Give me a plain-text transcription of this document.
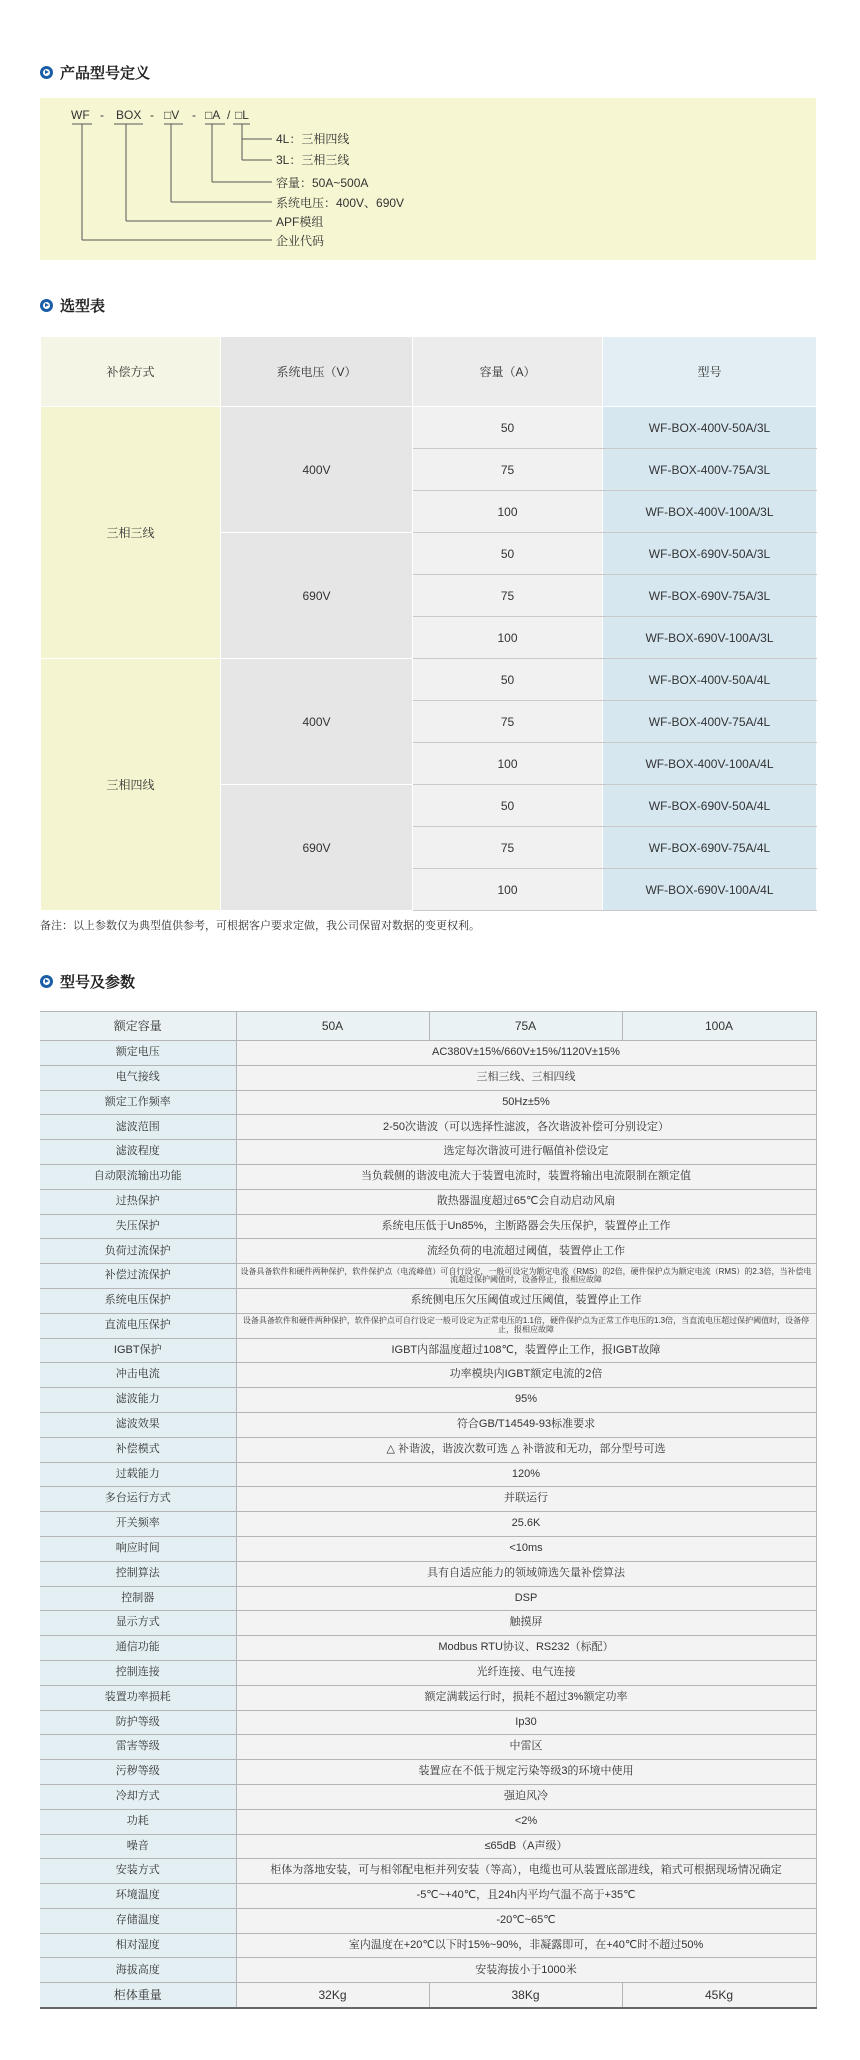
产品型号定义
WF - BOX - □V - □A / □L
4L：三相四线
3L：三相三线
容量：50A~500A
系统电压：400V、690V
APF模组
企业代码
选型表
补偿方式	系统电压（V）	容量（A）	型号
三相三线	400V	50	WF-BOX-400V-50A/3L
		75	WF-BOX-400V-75A/3L
		100	WF-BOX-400V-100A/3L
	690V	50	WF-BOX-690V-50A/3L
		75	WF-BOX-690V-75A/3L
		100	WF-BOX-690V-100A/3L
三相四线	400V	50	WF-BOX-400V-50A/4L
		75	WF-BOX-400V-75A/4L
		100	WF-BOX-400V-100A/4L
	690V	50	WF-BOX-690V-50A/4L
		75	WF-BOX-690V-75A/4L
		100	WF-BOX-690V-100A/4L
备注：以上参数仅为典型值供参考，可根据客户要求定做，我公司保留对数据的变更权利。
型号及参数
额定容量	50A	75A	100A
额定电压	AC380V±15%/660V±15%/1120V±15%		
电气接线	三相三线、三相四线		
额定工作频率	50Hz±5%		
滤波范围	2-50次谐波（可以选择性滤波，各次谐波补偿可分别设定）		
滤波程度	选定每次谐波可进行幅值补偿设定		
自动限流输出功能	当负载侧的谐波电流大于装置电流时，装置将输出电流限制在额定值		
过热保护	散热器温度超过65℃会自动启动风扇		
失压保护	系统电压低于Un85%，主断路器会失压保护，装置停止工作		
负荷过流保护	流经负荷的电流超过阈值，装置停止工作		
补偿过流保护	设备具备软件和硬件两种保护，软件保护点（电流峰值）可自行设定，一般可设定为额定电流（RMS）的2倍，硬件保护点为额定电流（RMS）的2.3倍，当补偿电流超过保护阈值时，设备停止，报相应故障		
系统电压保护	系统侧电压欠压阈值或过压阈值，装置停止工作		
直流电压保护	设备具备软件和硬件两种保护，软件保护点可自行设定一般可设定为正常电压的1.1倍，硬件保护点为正常工作电压的1.3倍，当直流电压超过保护阈值时，设备停止，报相应故障		
IGBT保护	IGBT内部温度超过108℃，装置停止工作，报IGBT故障		
冲击电流	功率模块内IGBT额定电流的2倍		
滤波能力	95%		
滤波效果	符合GB/T14549-93标准要求		
补偿模式	△ 补谐波，谐波次数可选 △ 补谐波和无功，部分型号可选		
过载能力	120%		
多台运行方式	并联运行		
开关频率	25.6K		
响应时间	<10ms		
控制算法	具有自适应能力的领域筛选矢量补偿算法		
控制器	DSP		
显示方式	触摸屏		
通信功能	Modbus RTU协议、RS232（标配）		
控制连接	光纤连接、电气连接		
装置功率损耗	额定满载运行时，损耗不超过3%额定功率		
防护等级	Ip30		
雷害等级	中雷区		
污秽等级	装置应在不低于规定污染等级3的环境中使用		
冷却方式	强迫风冷		
功耗	<2%		
噪音	≤65dB（A声级）		
安装方式	柜体为落地安装，可与相邻配电柜并列安装（等高），电缆也可从装置底部进线，箱式可根据现场情况确定		
环境温度	-5℃~+40℃，且24h内平均气温不高于+35℃		
存储温度	-20℃~65℃		
相对湿度	室内温度在+20℃以下时15%~90%，非凝露即可，在+40℃时不超过50%		
海拔高度	安装海拔小于1000米		
柜体重量	32Kg	38Kg	45Kg
